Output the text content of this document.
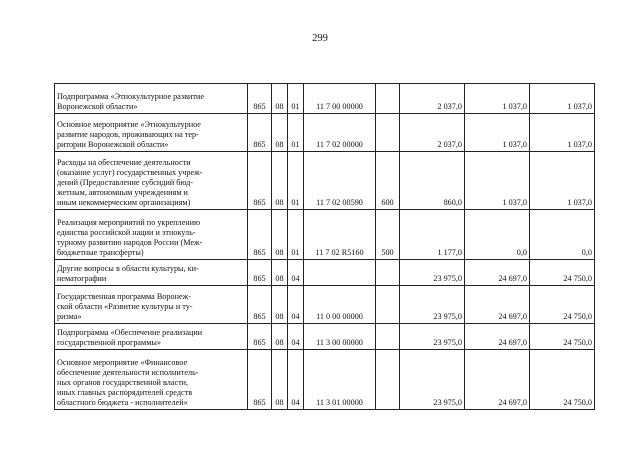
299
Подпрограмма «Этнокультурное развитие
Воронежской области»	865	08	01	11 7 00 00000		2 037,0	1 037,0	1 037,0
Основное мероприятие «Этнокультурное
развитие народов, проживающих на тер-
ритории Воронежской области»	865	08	01	11 7 02 00000		2 037,0	1 037,0	1 037,0
Расходы на обеспечение деятельности
(оказание услуг) государственных учреж-
дений (Предоставление субсидий бюд-
жетным, автономным учреждениям и
иным некоммерческим организациям)	865	08	01	11 7 02 00590	600	860,0	1 037,0	1 037,0
Реализация мероприятий по укреплению
единства российской нации и этнокуль-
турному развитию народов России (Меж-
бюджетные трансферты)	865	08	01	11 7 02 R5160	500	1 177,0	0,0	0,0
Другие вопросы в области культуры, ки-
нематографии	865	08	04			23 975,0	24 697,0	24 750,0
Государственная программа Воронеж-
ской области «Развитие культуры и ту-
ризма»	865	08	04	11 0 00 00000		23 975,0	24 697,0	24 750,0
Подпрограмма «Обеспечение реализации
государственной программы»	865	08	04	11 3 00 00000		23 975,0	24 697,0	24 750,0
Основное мероприятие «Финансовое
обеспечение деятельности исполнитель-
ных органов государственной власти,
иных главных распорядителей средств
областного бюджета - исполнителей»	865	08	04	11 3 01 00000		23 975,0	24 697,0	24 750,0
